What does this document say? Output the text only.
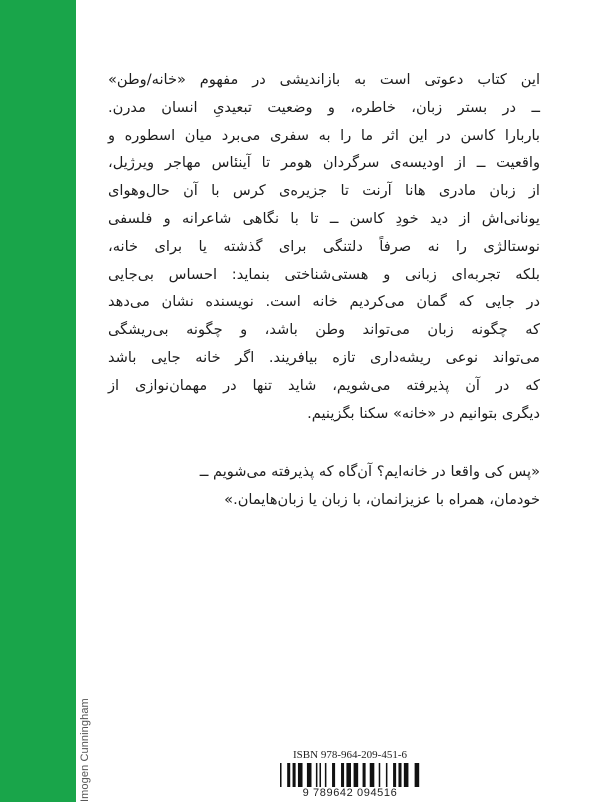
Imogen Cunningham
این کتاب دعوتی است به بازاندیشی در مفهوم «خانه/وطن»
ــ در بستر زبان، خاطره، و وضعیت تبعیدیِ انسان مدرن.
باربارا کاسن در این اثر ما را به سفری می‌برد میان اسطوره و
واقعیت ــ از اودیسه‌ی سرگردان هومر تا آینئاس مهاجر ویرژیل،
از زبان مادری هانا آرنت تا جزیره‌ی کرس با آن حال‌وهوای
یونانی‌اش از دید خودِ کاسن ــ تا با نگاهی شاعرانه و فلسفی
نوستالژی را نه صرفاً دلتنگی برای گذشته یا برای خانه،
بلکه تجربه‌ای زبانی و هستی‌شناختی بنماید: احساس بی‌جایی
در جایی که گمان می‌کردیم خانه است. نویسنده نشان می‌دهد
که چگونه زبان می‌تواند وطن باشد، و چگونه بی‌ریشگی
می‌تواند نوعی ریشه‌داری تازه بیافریند. اگر خانه جایی باشد
که در آن پذیرفته می‌شویم، شاید تنها در مهمان‌نوازی از
دیگری بتوانیم در «خانه» سکنا بگزینیم.
«پس کی واقعا در خانه‌ایم؟ آن‌گاه که پذیرفته می‌شویم ــ
خودمان، همراه با عزیزانمان، با زبان یا زبان‌هایمان.»
ISBN 978-964-209-451-6
9 789642 094516
